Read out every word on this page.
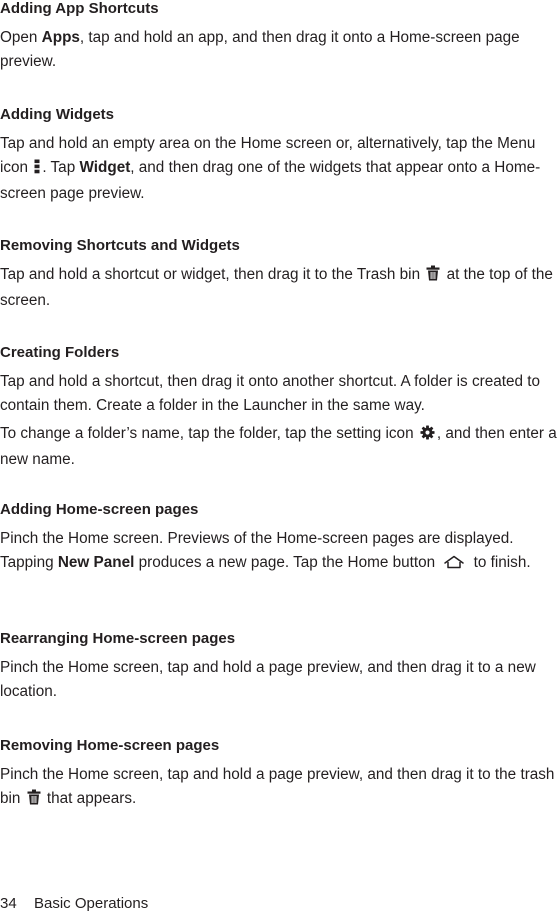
Adding App Shortcuts

Open Apps, tap and hold an app, and then drag it onto a Home-screen page preview.

Adding Widgets

Tap and hold an empty area on the Home screen or, alternatively, tap the Menu icon . Tap Widget, and then drag one of the widgets that appear onto a Home-screen page preview.

Removing Shortcuts and Widgets

Tap and hold a shortcut or widget, then drag it to the Trash bin  at the top of the screen.

Creating Folders

Tap and hold a shortcut, then drag it onto another shortcut. A folder is created to contain them. Create a folder in the Launcher in the same way.

To change a folder’s name, tap the folder, tap the setting icon , and then enter a new name.

Adding Home-screen pages

Pinch the Home screen. Previews of the Home-screen pages are displayed. Tapping New Panel produces a new page. Tap the Home button  to finish.

Rearranging Home-screen pages

Pinch the Home screen, tap and hold a page preview, and then drag it to a new location.

Removing Home-screen pages

Pinch the Home screen, tap and hold a page preview, and then drag it to the trash bin  that appears.

34 Basic Operations
